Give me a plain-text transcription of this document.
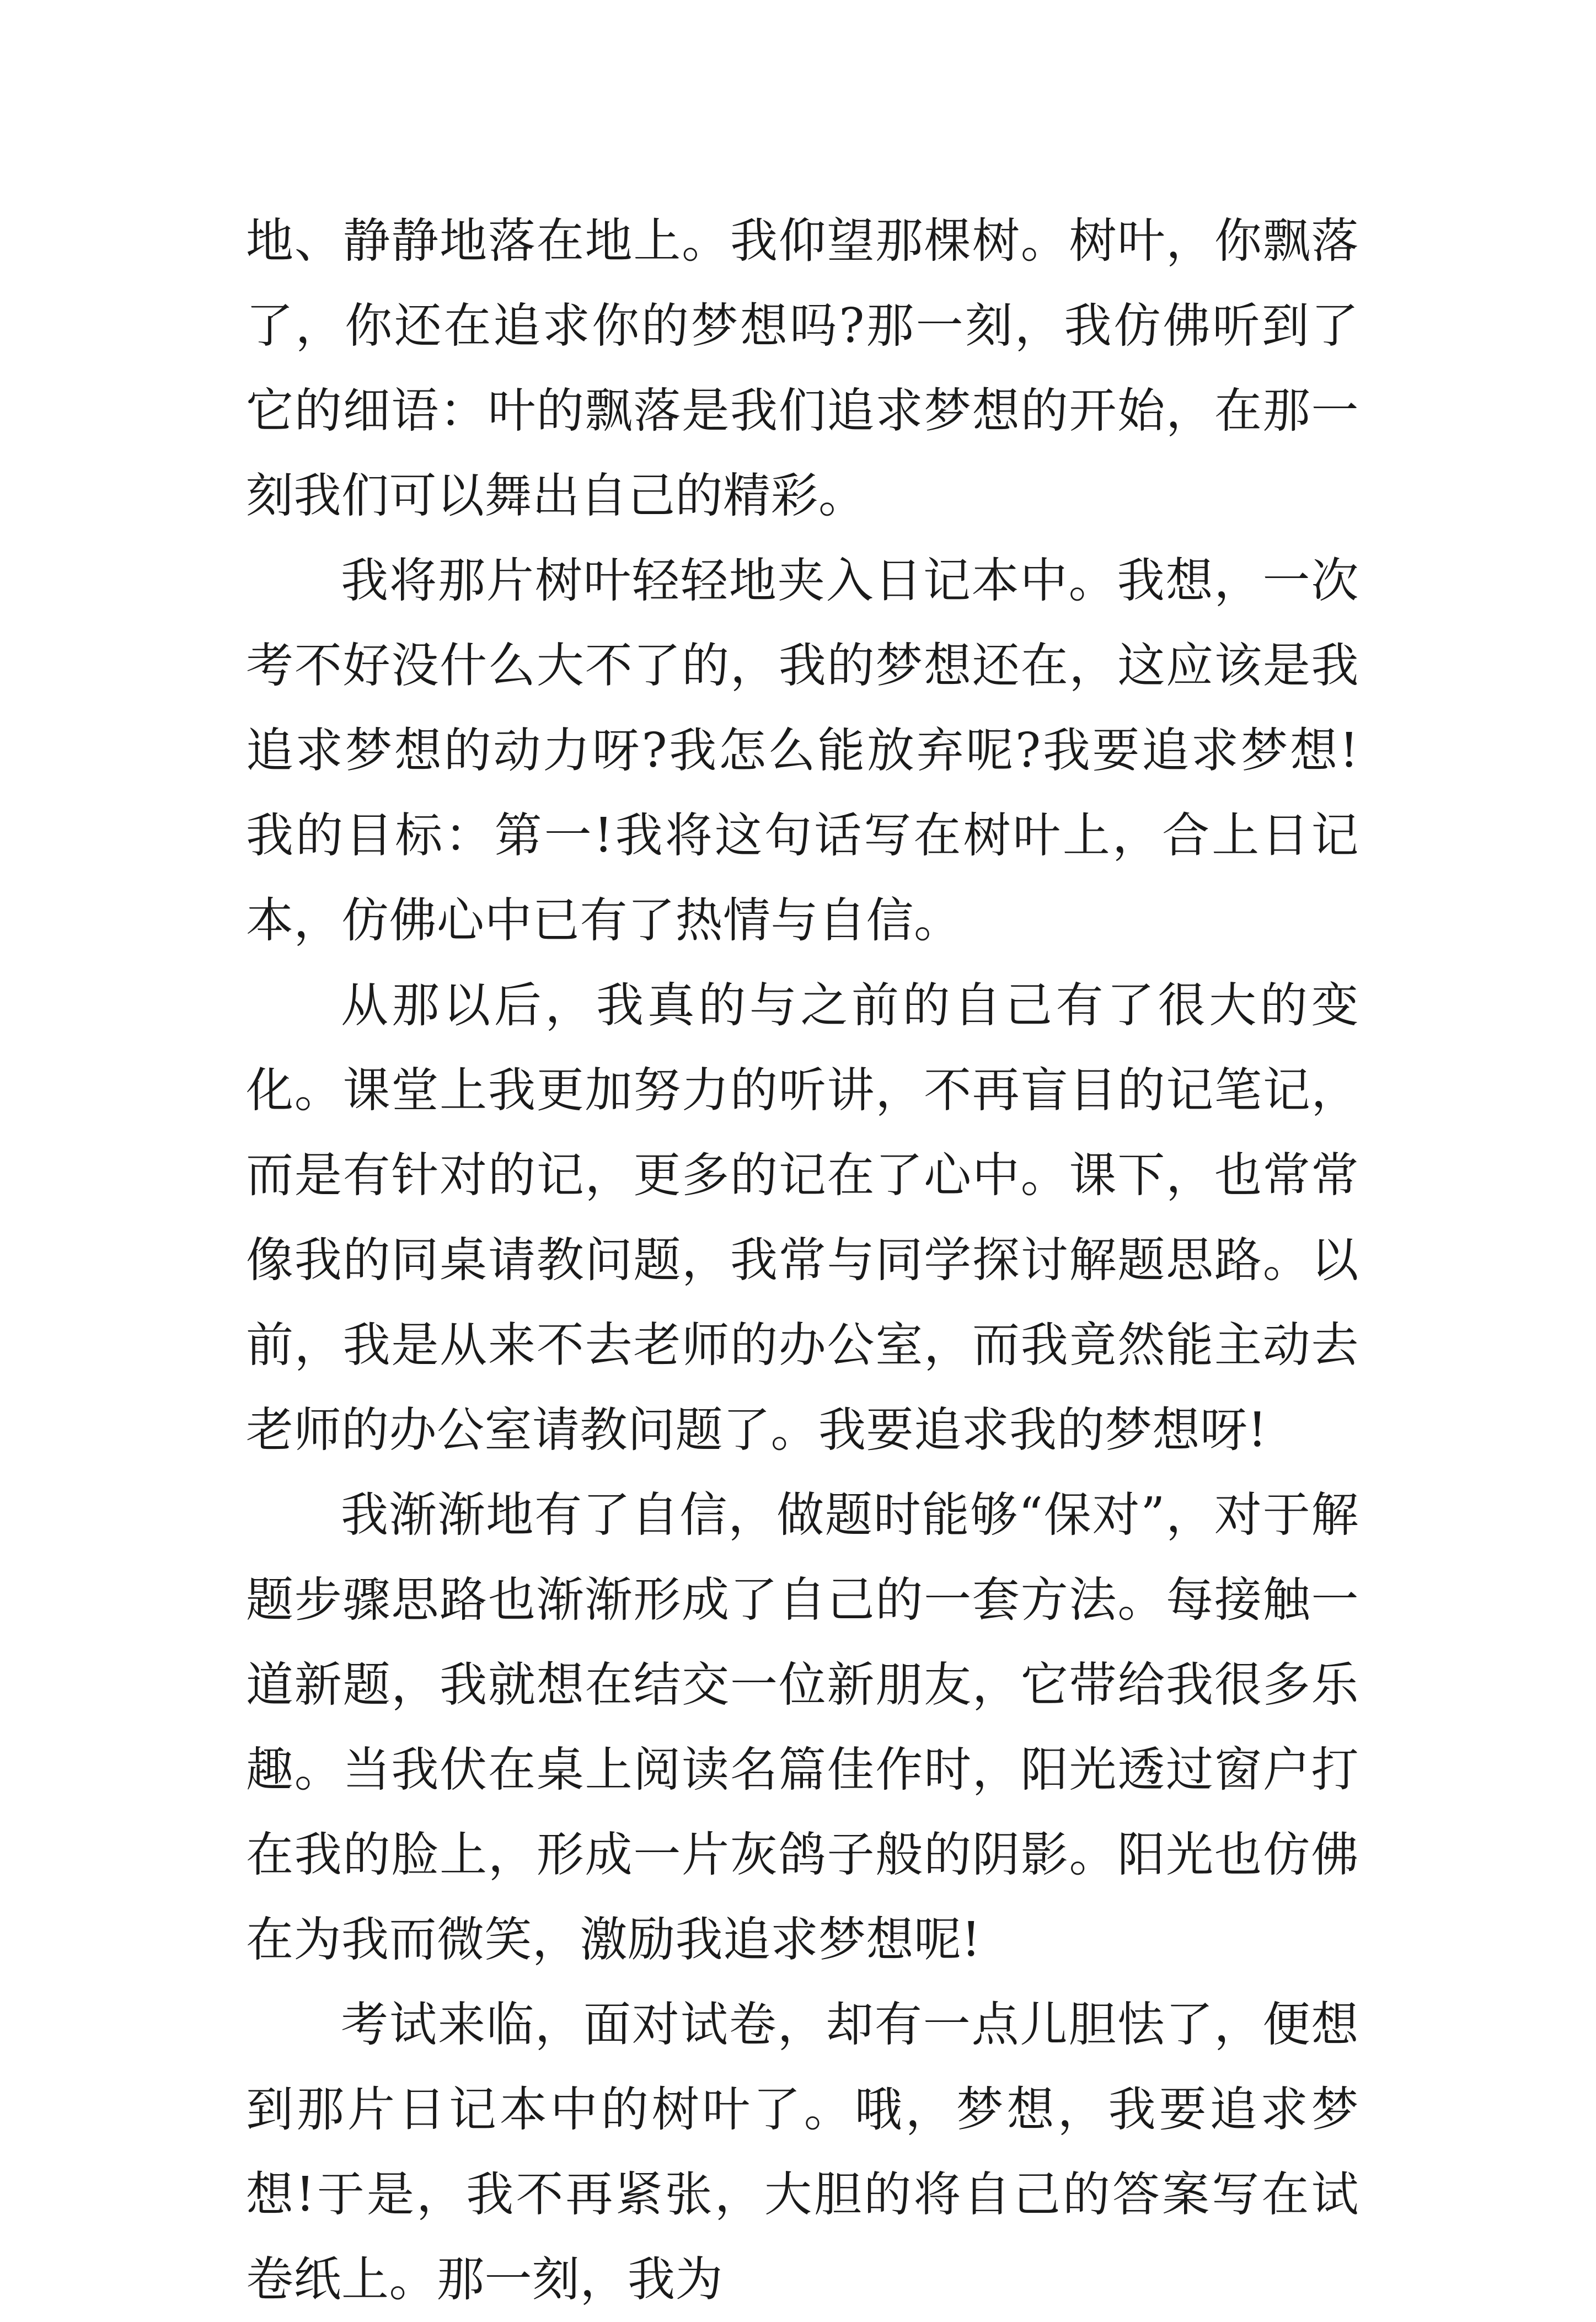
地、静静地落在地上。我仰望那棵树。树叶，你飘落了，你还在追求你的梦想吗?那一刻，我仿佛听到了它的细语：叶的飘落是我们追求梦想的开始，在那一刻我们可以舞出自己的精彩。

我将那片树叶轻轻地夹入日记本中。我想，一次考不好没什么大不了的，我的梦想还在，这应该是我追求梦想的动力呀?我怎么能放弃呢?我要追求梦想!我的目标：第一!我将这句话写在树叶上，合上日记本，仿佛心中已有了热情与自信。

从那以后，我真的与之前的自己有了很大的变化。课堂上我更加努力的听讲，不再盲目的记笔记，而是有针对的记，更多的记在了心中。课下，也常常像我的同桌请教问题，我常与同学探讨解题思路。以前，我是从来不去老师的办公室，而我竟然能主动去老师的办公室请教问题了。我要追求我的梦想呀!

我渐渐地有了自信，做题时能够“保对”，对于解题步骤思路也渐渐形成了自己的一套方法。每接触一道新题，我就想在结交一位新朋友，它带给我很多乐趣。当我伏在桌上阅读名篇佳作时，阳光透过窗户打在我的脸上，形成一片灰鸽子般的阴影。阳光也仿佛在为我而微笑，激励我追求梦想呢!

考试来临，面对试卷，却有一点儿胆怯了，便想到那片日记本中的树叶了。哦，梦想，我要追求梦想!于是，我不再紧张，大胆的将自己的答案写在试卷纸上。那一刻，我为
